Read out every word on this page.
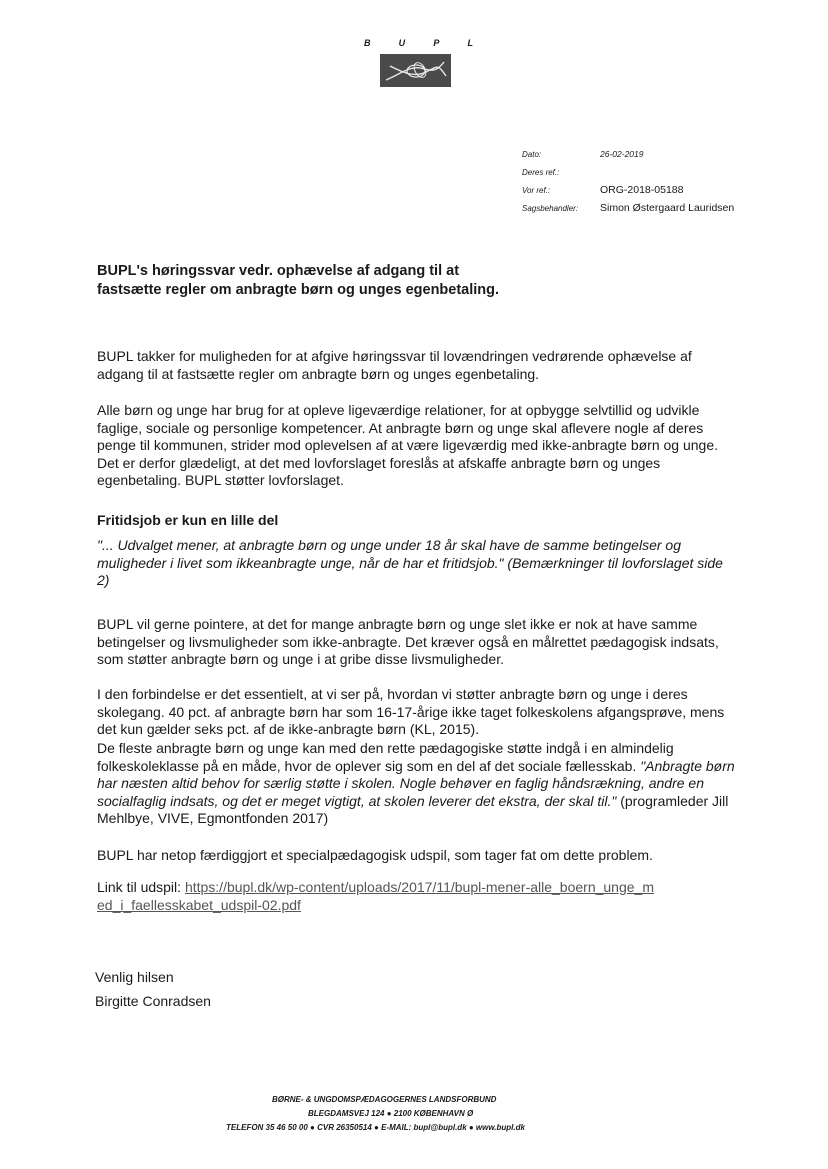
B	U	P	L
Dato:	26-02-2019
Deres ref.:
Vor ref.:	ORG-2018-05188
Sagsbehandler:	Simon Østergaard Lauridsen
BUPL's høringssvar vedr. ophævelse af adgang til at fastsætte regler om anbragte børn og unges egenbetaling.

BUPL takker for muligheden for at afgive høringssvar til lovændringen vedrørende ophævelse af adgang til at fastsætte regler om anbragte børn og unges egenbetaling.

Alle børn og unge har brug for at opleve ligeværdige relationer, for at opbygge selvtillid og udvikle faglige, sociale og personlige kompetencer. At anbragte børn og unge skal aflevere nogle af deres penge til kommunen, strider mod oplevelsen af at være ligeværdig med ikke-anbragte børn og unge. Det er derfor glædeligt, at det med lovforslaget foreslås at afskaffe anbragte børn og unges egenbetaling. BUPL støtter lovforslaget.

Fritidsjob er kun en lille del

"... Udvalget mener, at anbragte børn og unge under 18 år skal have de samme betingelser og muligheder i livet som ikkeanbragte unge, når de har et fritidsjob." (Bemærkninger til lovforslaget side 2)

BUPL vil gerne pointere, at det for mange anbragte børn og unge slet ikke er nok at have samme betingelser og livsmuligheder som ikke-anbragte. Det kræver også en målrettet pædagogisk indsats, som støtter anbragte børn og unge i at gribe disse livsmuligheder.

I den forbindelse er det essentielt, at vi ser på, hvordan vi støtter anbragte børn og unge i deres skolegang. 40 pct. af anbragte børn har som 16-17-årige ikke taget folkeskolens afgangsprøve, mens det kun gælder seks pct. af de ikke-anbragte børn (KL, 2015).

De fleste anbragte børn og unge kan med den rette pædagogiske støtte indgå i en almindelig folkeskoleklasse på en måde, hvor de oplever sig som en del af det sociale fællesskab. "Anbragte børn har næsten altid behov for særlig støtte i skolen. Nogle behøver en faglig håndsrækning, andre en socialfaglig indsats, og det er meget vigtigt, at skolen leverer det ekstra, der skal til." (programleder Jill Mehlbye, VIVE, Egmontfonden 2017)

BUPL har netop færdiggjort et specialpædagogisk udspil, som tager fat om dette problem.

Link til udspil: https://bupl.dk/wp-content/uploads/2017/11/bupl-mener-alle_boern_unge_med_i_faellesskabet_udspil-02.pdf

Venlig hilsen

Birgitte Conradsen

BØRNE- & UNGDOMSPÆDAGOGERNES LANDSFORBUND
BLEGDAMSVEJ 124 ● 2100 KØBENHAVN Ø
TELEFON 35 46 50 00 ● CVR 26350514 ● E-MAIL: bupl@bupl.dk ● www.bupl.dk
